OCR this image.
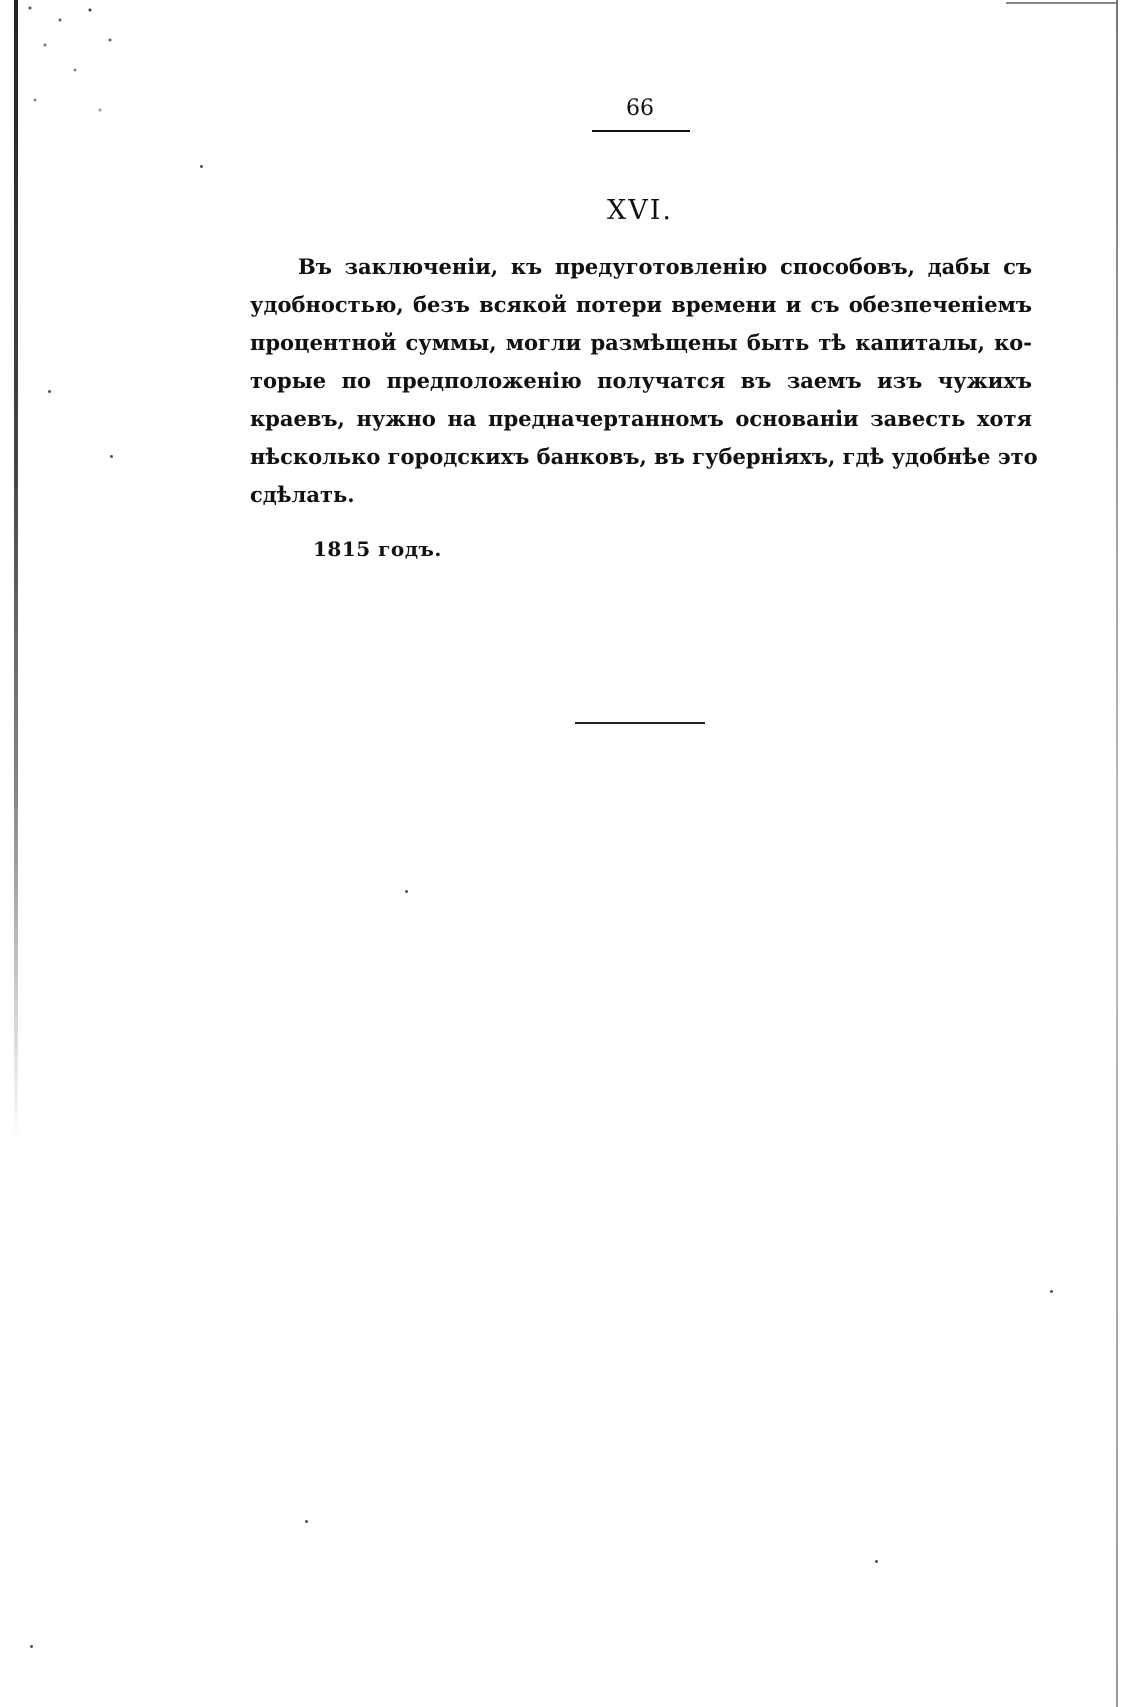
66
XVI.
Въ заключеніи, къ предуготовленію способовъ, дабы съ
удобностью, безъ всякой потери времени и съ обезпеченіемъ
процентной суммы, могли размѣщены быть тѣ капиталы, ко-
торые по предположенію получатся въ заемъ изъ чужихъ
краевъ, нужно на предначертанномъ основаніи завесть хотя
нѣсколько городскихъ банковъ, въ губерніяхъ, гдѣ удобнѣе это
сдѣлать.
1815 годъ.
